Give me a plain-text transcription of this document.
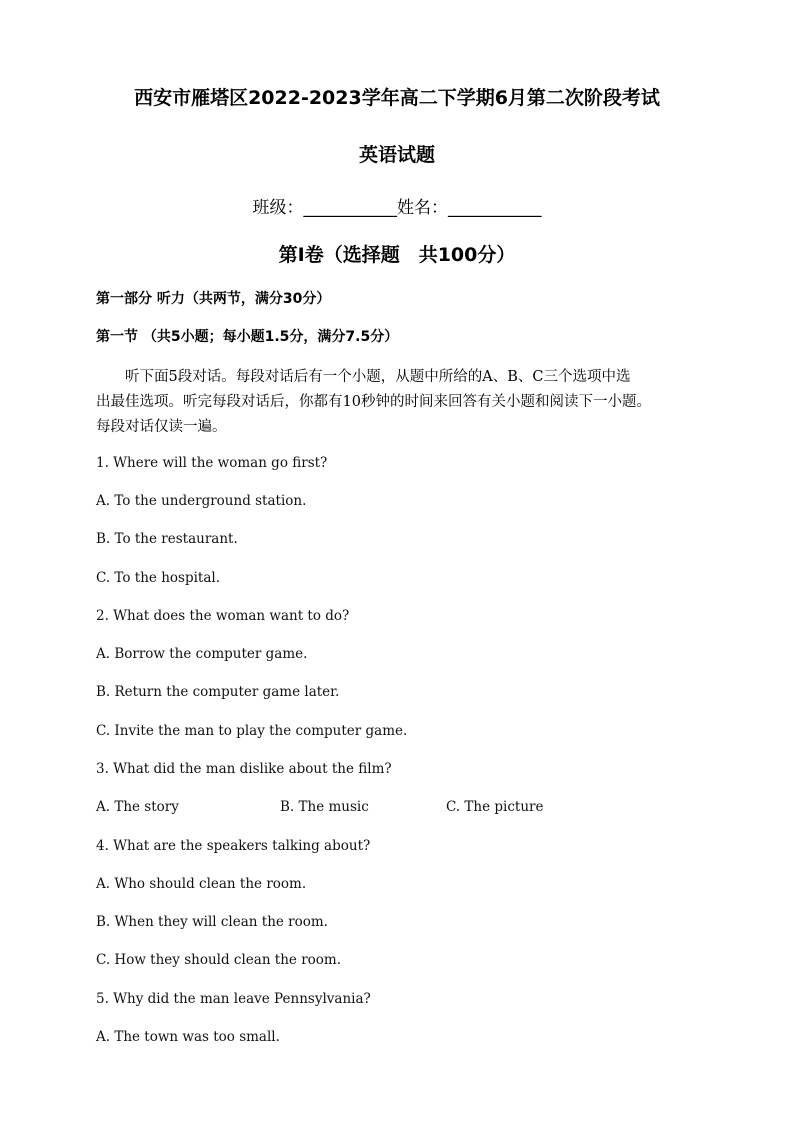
西安市雁塔区2022-2023学年高二下学期6月第二次阶段考试
英语试题
班级：___________姓名：___________
第Ⅰ卷（选择题　共100分）
第一部分 听力（共两节，满分30分）
第一节 （共5小题；每小题1.5分，满分7.5分）
听下面5段对话。每段对话后有一个小题，从题中所给的A、B、C三个选项中选
出最佳选项。听完每段对话后，你都有10秒钟的时间来回答有关小题和阅读下一小题。
每段对话仅读一遍。
1. Where will the woman go first?
A. To the underground station.
B. To the restaurant.
C. To the hospital.
2. What does the woman want to do?
A. Borrow the computer game.
B. Return the computer game later.
C. Invite the man to play the computer game.
3. What did the man dislike about the film?
A. The story	B. The music	C. The picture
4. What are the speakers talking about?
A. Who should clean the room.
B. When they will clean the room.
C. How they should clean the room.
5. Why did the man leave Pennsylvania?
A. The town was too small.
